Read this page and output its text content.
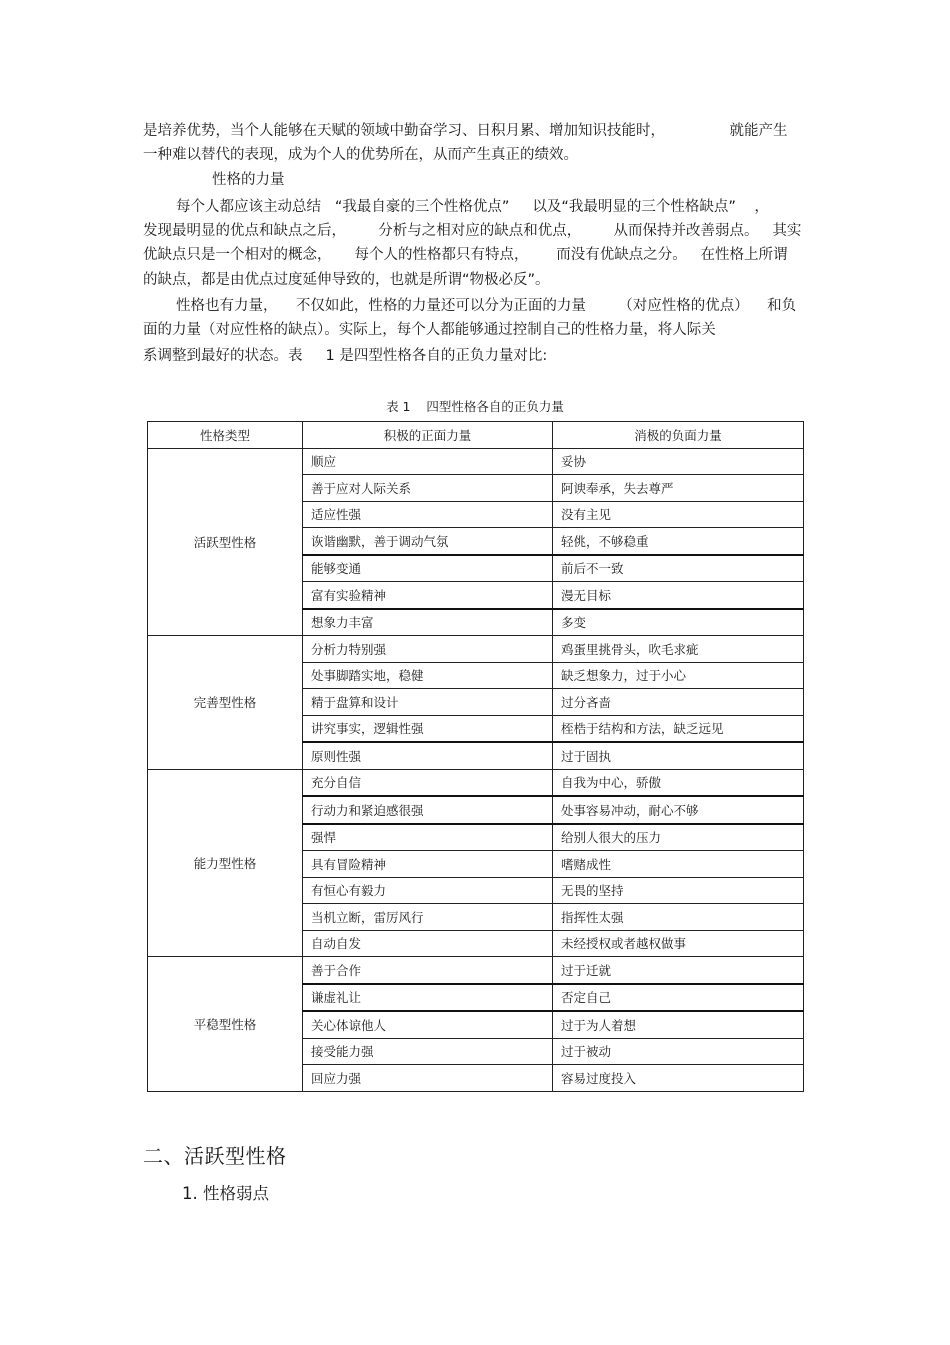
是培养优势，当个人能够在天赋的领域中勤奋学习、日积月累、增加知识技能时，              就能产生
一种难以替代的表现，成为个人的优势所在，从而产生真正的绩效。
性格的力量
每个人都应该主动总结   “我最自豪的三个性格优点”     以及“我最明显的三个性格缺点”    ，
发现最明显的优点和缺点之后，       分析与之相对应的缺点和优点，       从而保持并改善弱点。   其实
优缺点只是一个相对的概念，     每个人的性格都只有特点，      而没有优缺点之分。   在性格上所谓
的缺点，都是由优点过度延伸导致的，也就是所谓“物极必反”。
性格也有力量，    不仅如此，性格的力量还可以分为正面的力量       （对应性格的优点）    和负
面的力量（对应性格的缺点）。实际上，每个人都能够通过控制自己的性格力量，将人际关
系调整到最好的状态。表     1 是四型性格各自的正负力量对比:
表 1    四型性格各自的正负力量
性格类型	积极的正面力量	消极的负面力量
活跃型性格	顺应	妥协
	善于应对人际关系	阿谀奉承，失去尊严
	适应性强	没有主见
	诙谐幽默，善于调动气氛	轻佻，不够稳重
	能够变通	前后不一致
	富有实验精神	漫无目标
	想象力丰富	多变
完善型性格	分析力特别强	鸡蛋里挑骨头，吹毛求疵
	处事脚踏实地，稳健	缺乏想象力，过于小心
	精于盘算和设计	过分吝啬
	讲究事实，逻辑性强	桎梏于结构和方法，缺乏远见
	原则性强	过于固执
能力型性格	充分自信	自我为中心，骄傲
	行动力和紧迫感很强	处事容易冲动，耐心不够
	强悍	给别人很大的压力
	具有冒险精神	嗜赌成性
	有恒心有毅力	无畏的坚持
	当机立断，雷厉风行	指挥性太强
	自动自发	未经授权或者越权做事
平稳型性格	善于合作	过于迁就
	谦虚礼让	否定自己
	关心体谅他人	过于为人着想
	接受能力强	过于被动
	回应力强	容易过度投入
二、活跃型性格
1. 性格弱点
